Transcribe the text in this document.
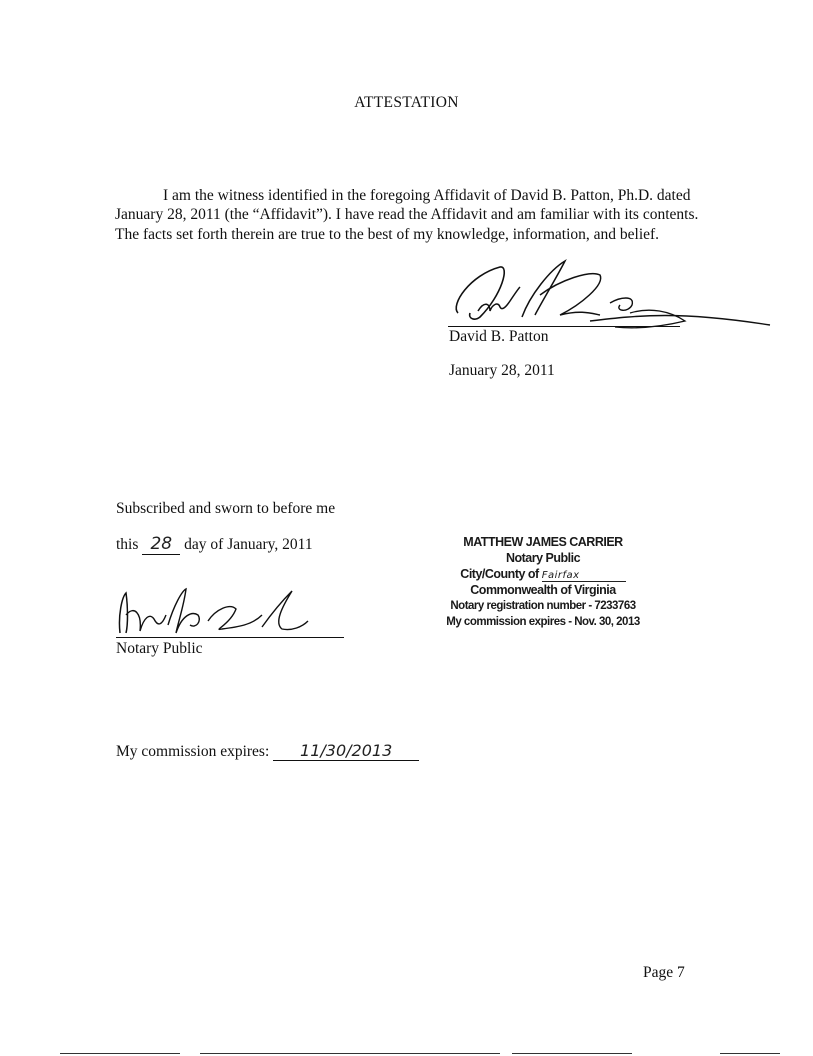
ATTESTATION
I am the witness identified in the foregoing Affidavit of David B. Patton, Ph.D. dated January 28, 2011 (the “Affidavit”). I have read the Affidavit and am familiar with its contents. The facts set forth therein are true to the best of my knowledge, information, and belief.
David B. Patton
January 28, 2011
Subscribed and sworn to before me
this 28 day of January, 2011
Notary Public
MATTHEW JAMES CARRIER
Notary Public
City/County of Fairfax
Commonwealth of Virginia
Notary registration number - 7233763
My commission expires - Nov. 30, 2013
My commission expires: 11/30/2013
Page 7
